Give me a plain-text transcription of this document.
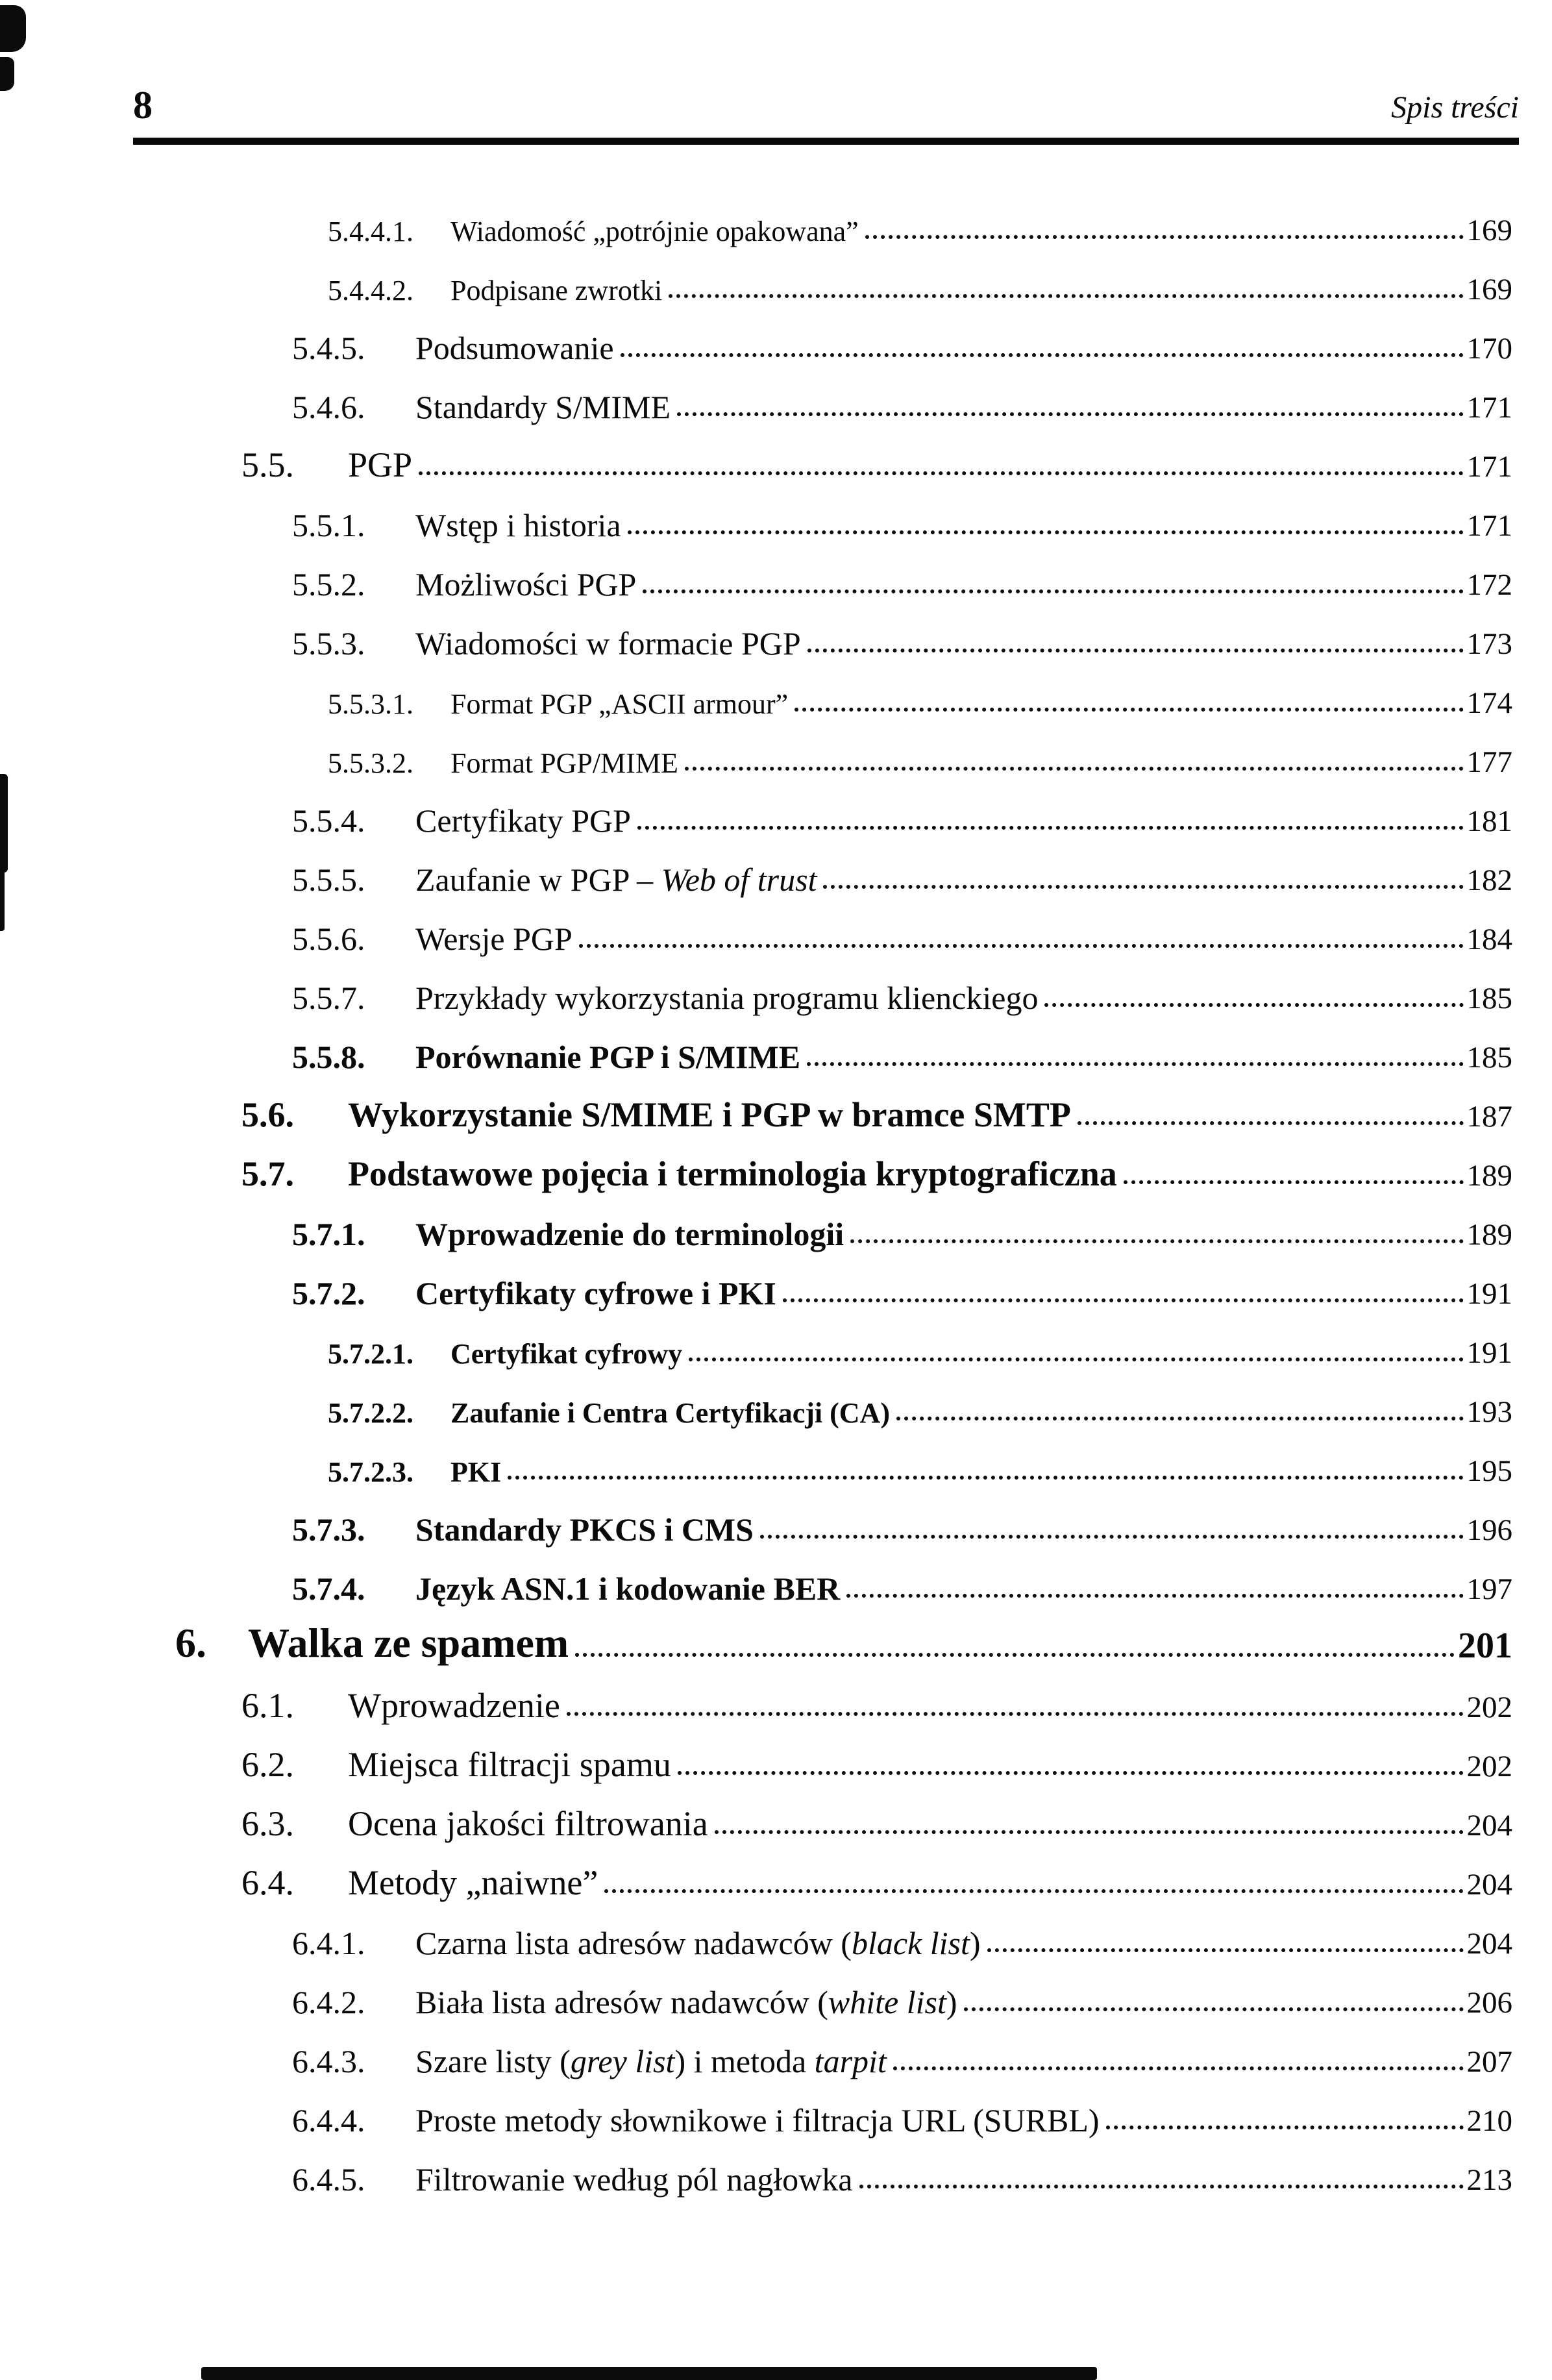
8	Spis treści
5.4.4.1.	Wiadomość „potrójnie opakowana”	169
5.4.4.2.	Podpisane zwrotki	169
5.4.5.	Podsumowanie	170
5.4.6.	Standardy S/MIME	171
5.5.	PGP	171
5.5.1.	Wstęp i historia	171
5.5.2.	Możliwości PGP	172
5.5.3.	Wiadomości w formacie PGP	173
5.5.3.1.	Format PGP „ASCII armour”	174
5.5.3.2.	Format PGP/MIME	177
5.5.4.	Certyfikaty PGP	181
5.5.5.	Zaufanie w PGP – Web of trust	182
5.5.6.	Wersje PGP	184
5.5.7.	Przykłady wykorzystania programu klienckiego	185
5.5.8.	Porównanie PGP i S/MIME	185
5.6.	Wykorzystanie S/MIME i PGP w bramce SMTP	187
5.7.	Podstawowe pojęcia i terminologia kryptograficzna	189
5.7.1.	Wprowadzenie do terminologii	189
5.7.2.	Certyfikaty cyfrowe i PKI	191
5.7.2.1.	Certyfikat cyfrowy	191
5.7.2.2.	Zaufanie i Centra Certyfikacji (CA)	193
5.7.2.3.	PKI	195
5.7.3.	Standardy PKCS i CMS	196
5.7.4.	Język ASN.1 i kodowanie BER	197
6.	Walka ze spamem	201
6.1.	Wprowadzenie	202
6.2.	Miejsca filtracji spamu	202
6.3.	Ocena jakości filtrowania	204
6.4.	Metody „naiwne”	204
6.4.1.	Czarna lista adresów nadawców (black list)	204
6.4.2.	Biała lista adresów nadawców (white list)	206
6.4.3.	Szare listy (grey list) i metoda tarpit	207
6.4.4.	Proste metody słownikowe i filtracja URL (SURBL)	210
6.4.5.	Filtrowanie według pól nagłowka	213
